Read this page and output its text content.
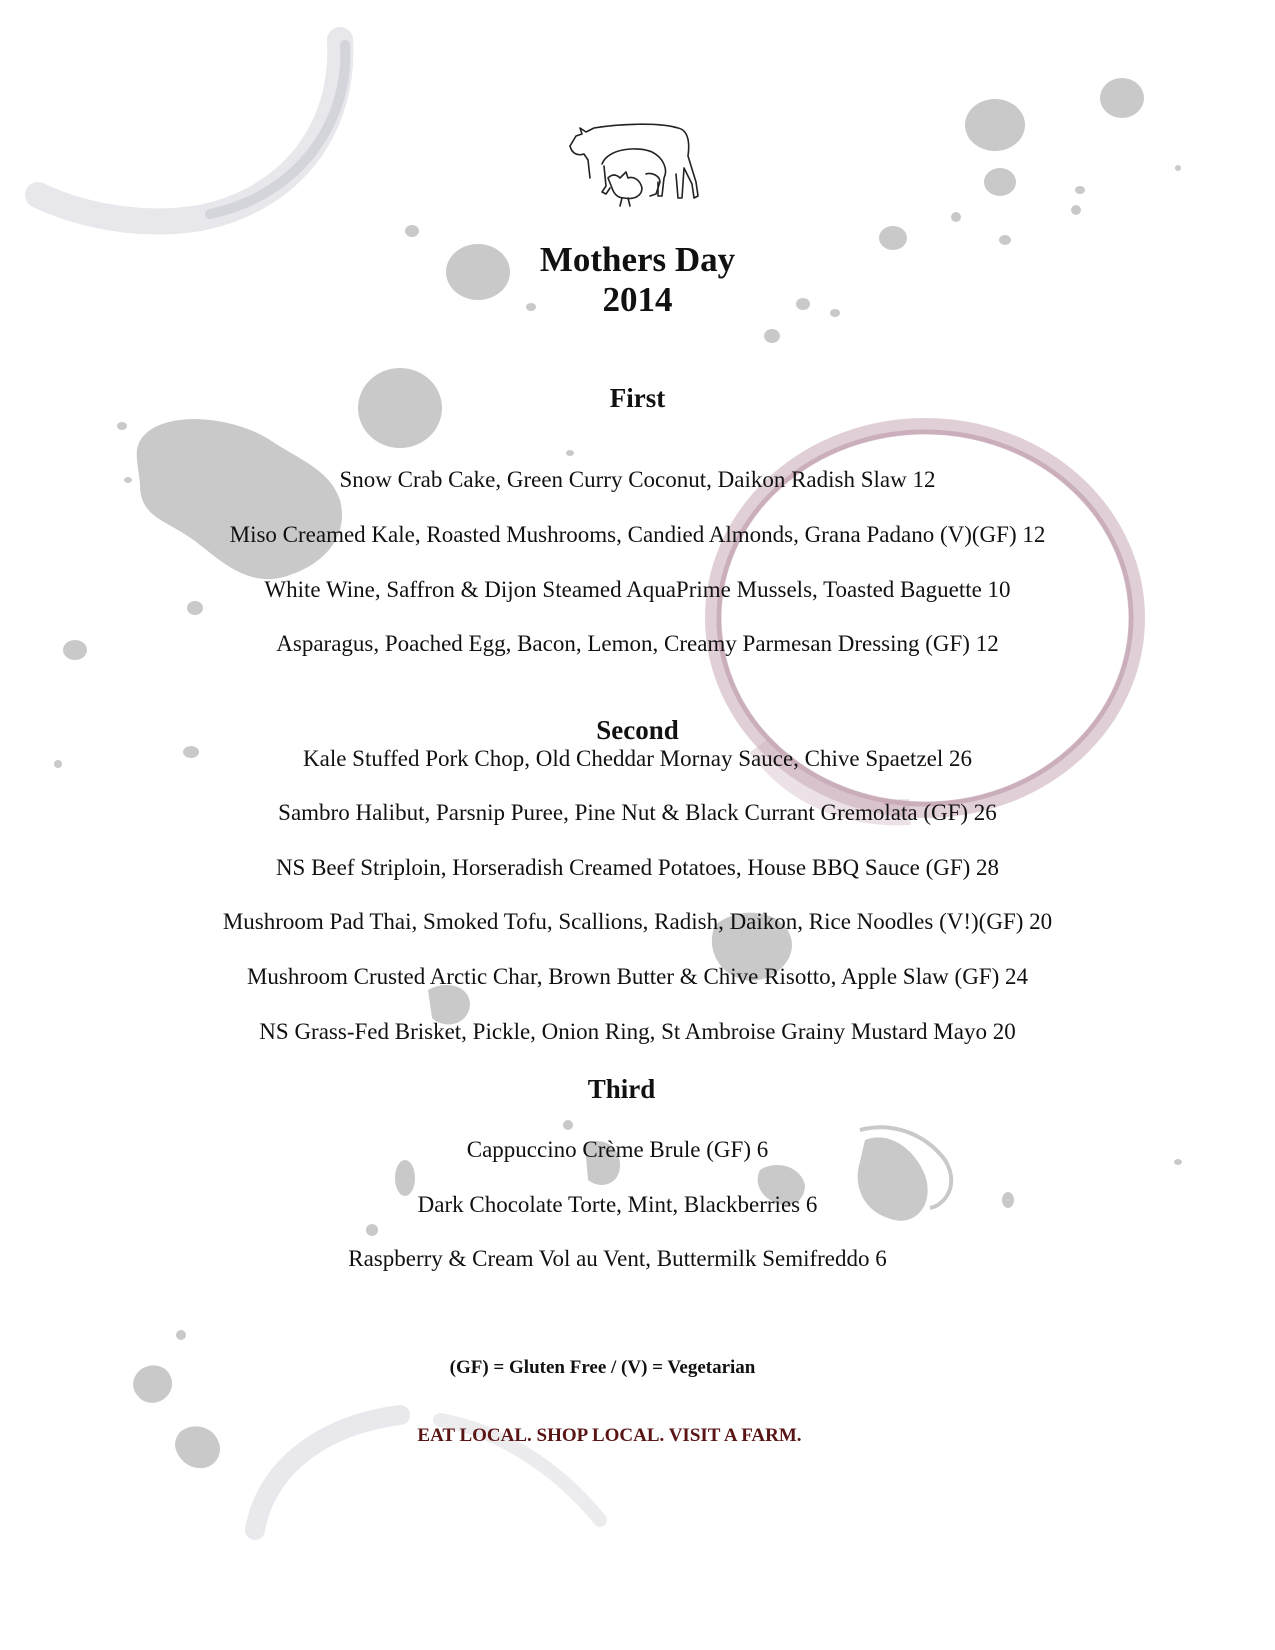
Mothers Day
2014
First
Snow Crab Cake, Green Curry Coconut, Daikon Radish Slaw 12
Miso Creamed Kale, Roasted Mushrooms, Candied Almonds, Grana Padano (V)(GF) 12
White Wine, Saffron & Dijon Steamed AquaPrime Mussels, Toasted Baguette 10
Asparagus, Poached Egg, Bacon, Lemon, Creamy Parmesan Dressing (GF) 12
Second
Kale Stuffed Pork Chop, Old Cheddar Mornay Sauce, Chive Spaetzel 26
Sambro Halibut, Parsnip Puree, Pine Nut & Black Currant Gremolata (GF) 26
NS Beef Striploin, Horseradish Creamed Potatoes, House BBQ Sauce (GF) 28
Mushroom Pad Thai, Smoked Tofu, Scallions, Radish, Daikon, Rice Noodles (V!)(GF) 20
Mushroom Crusted Arctic Char, Brown Butter & Chive Risotto, Apple Slaw (GF) 24
NS Grass-Fed Brisket, Pickle, Onion Ring, St Ambroise Grainy Mustard Mayo 20
Third
Cappuccino Crème Brule (GF) 6
Dark Chocolate Torte, Mint, Blackberries 6
Raspberry & Cream Vol au Vent, Buttermilk Semifreddo 6
(GF) = Gluten Free / (V) = Vegetarian
EAT LOCAL. SHOP LOCAL. VISIT A FARM.
